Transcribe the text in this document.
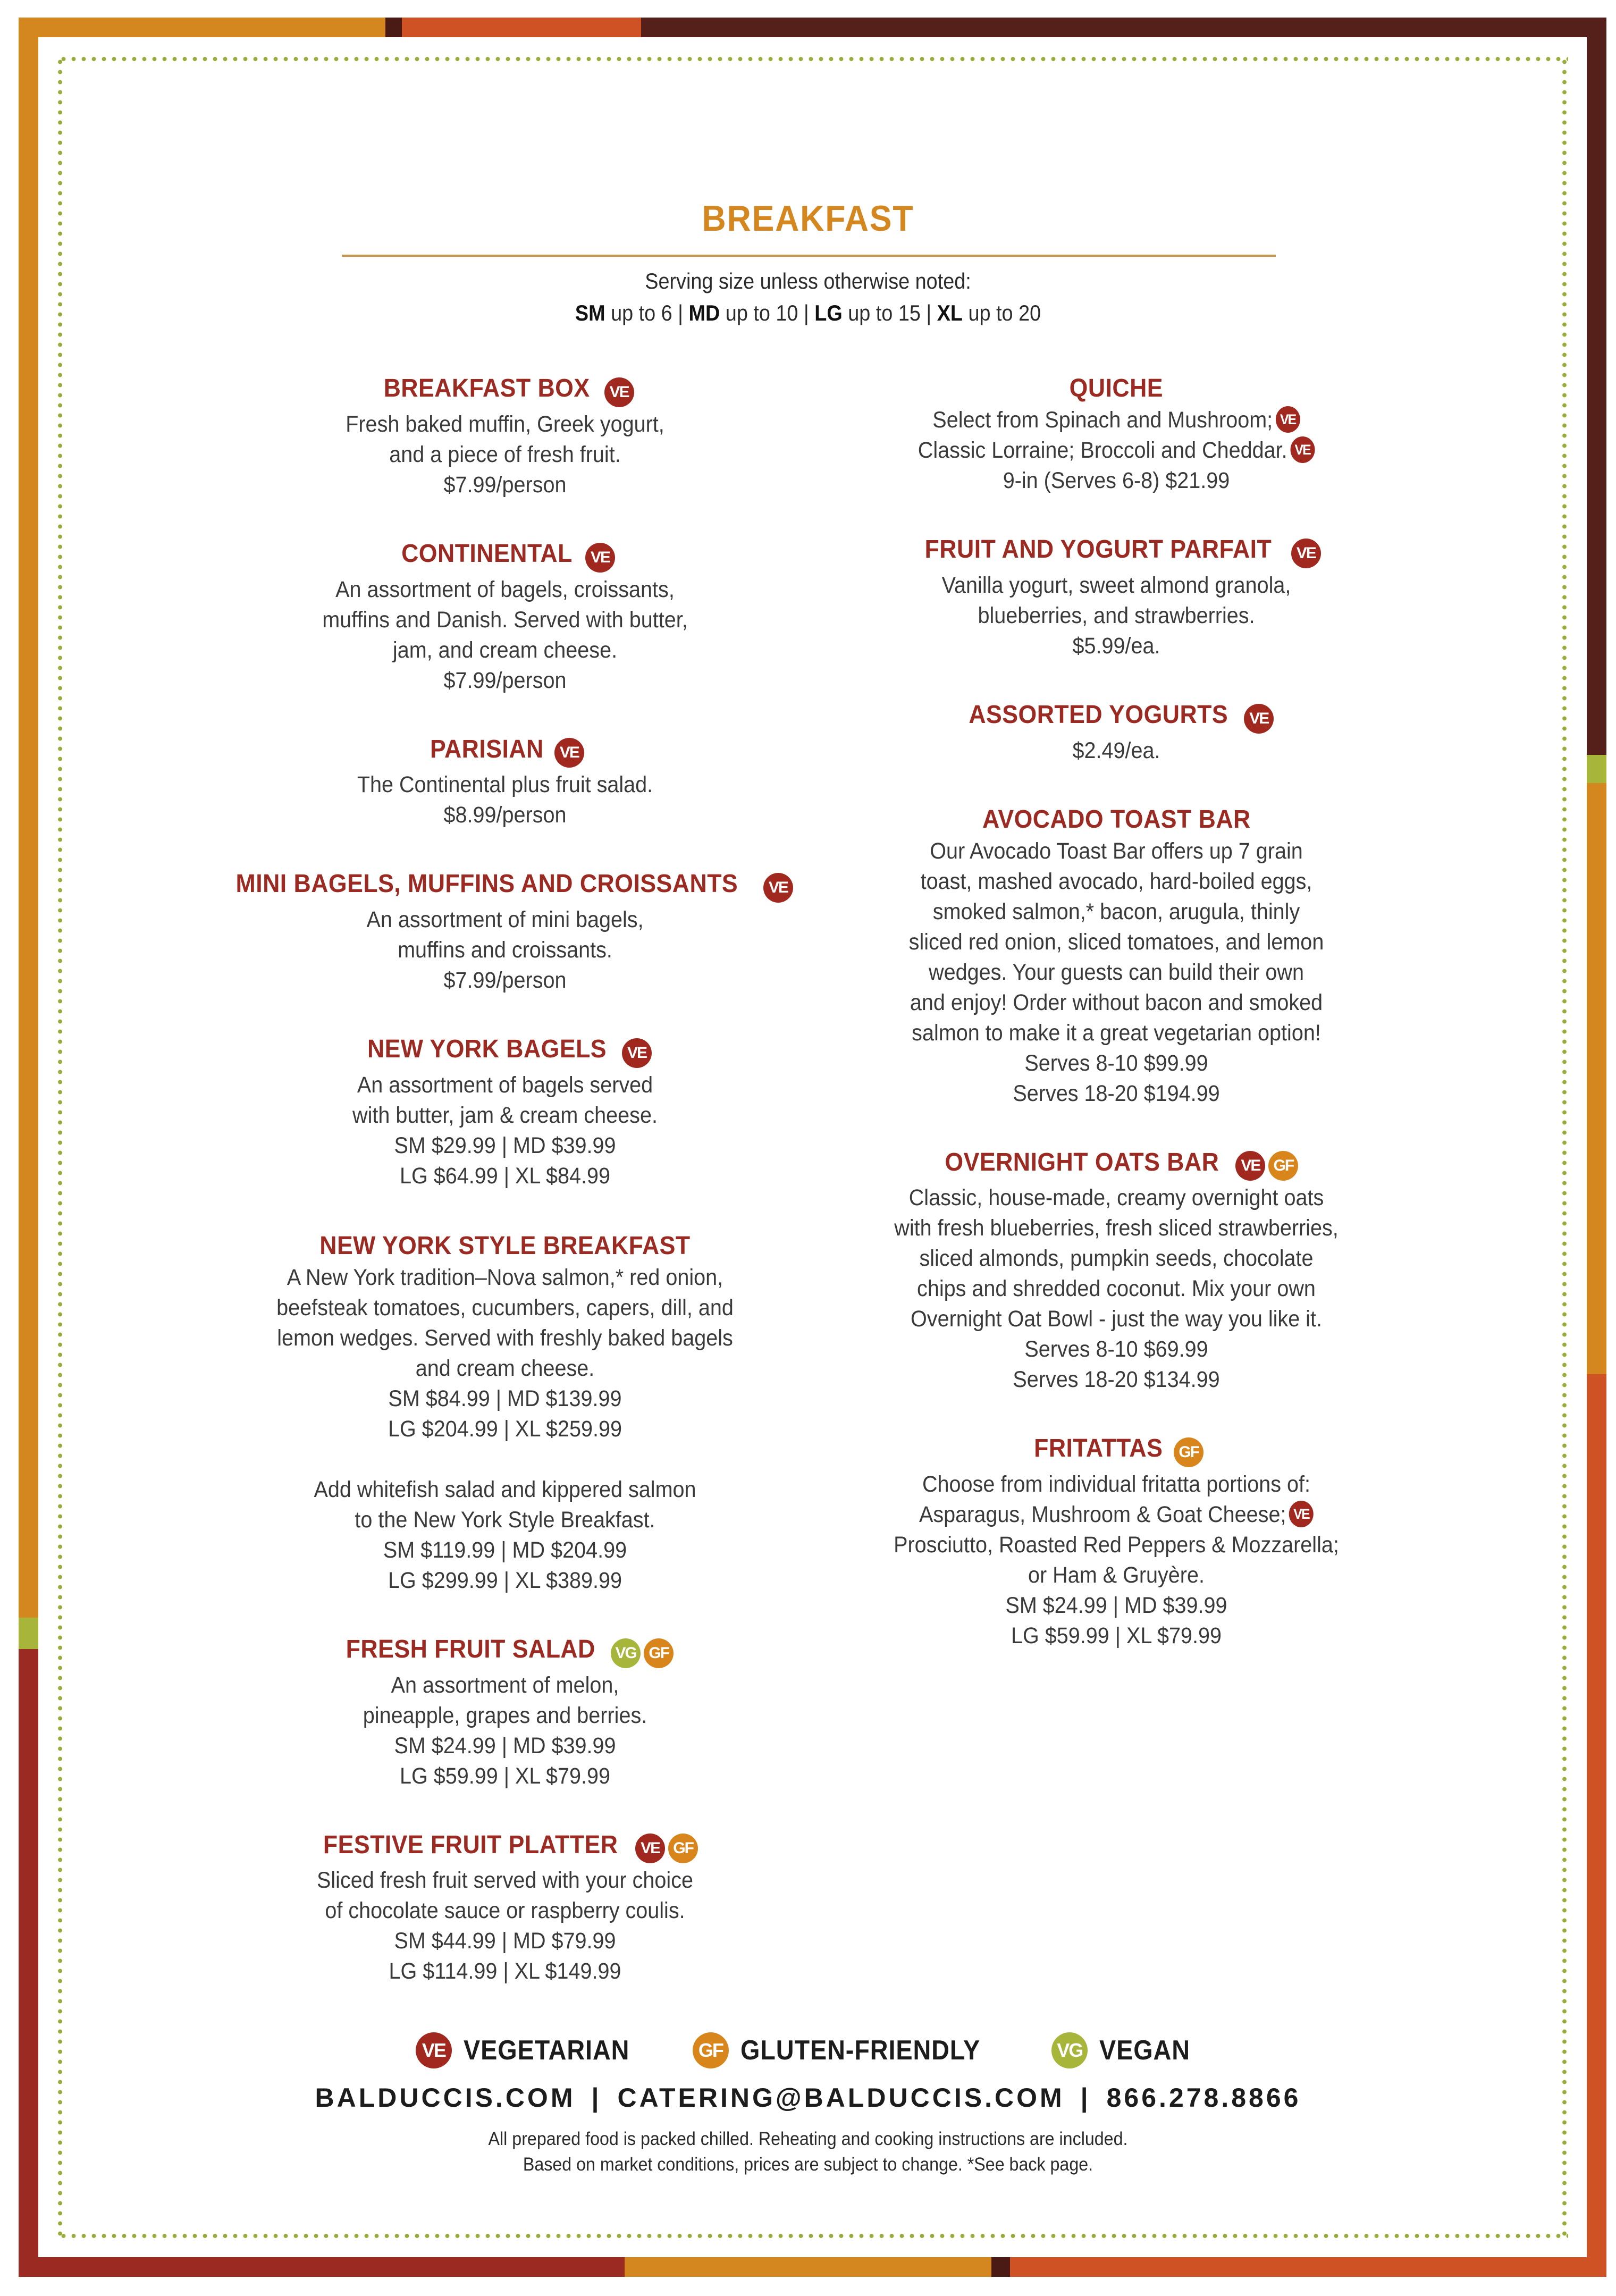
BREAKFAST
Serving size unless otherwise noted:
SM up to 6 | MD up to 10 | LG up to 15 | XL up to 20
BREAKFAST BOX VE
Fresh baked muffin, Greek yogurt,
and a piece of fresh fruit.
$7.99/person
CONTINENTAL VE
An assortment of bagels, croissants,
muffins and Danish. Served with butter,
jam, and cream cheese.
$7.99/person
PARISIAN VE
The Continental plus fruit salad.
$8.99/person
MINI BAGELS, MUFFINS AND CROISSANTS VE
An assortment of mini bagels,
muffins and croissants.
$7.99/person
NEW YORK BAGELS VE
An assortment of bagels served
with butter, jam & cream cheese.
SM $29.99 | MD $39.99
LG $64.99 | XL $84.99
NEW YORK STYLE BREAKFAST
A New York tradition–Nova salmon,* red onion,
beefsteak tomatoes, cucumbers, capers, dill, and
lemon wedges. Served with freshly baked bagels
and cream cheese.
SM $84.99 | MD $139.99
LG $204.99 | XL $259.99
Add whitefish salad and kippered salmon
to the New York Style Breakfast.
SM $119.99 | MD $204.99
LG $299.99 | XL $389.99
FRESH FRUIT SALAD VG GF
An assortment of melon,
pineapple, grapes and berries.
SM $24.99 | MD $39.99
LG $59.99 | XL $79.99
FESTIVE FRUIT PLATTER VE GF
Sliced fresh fruit served with your choice
of chocolate sauce or raspberry coulis.
SM $44.99 | MD $79.99
LG $114.99 | XL $149.99
QUICHE
Select from Spinach and Mushroom; VE
Classic Lorraine; Broccoli and Cheddar. VE
9-in (Serves 6-8) $21.99
FRUIT AND YOGURT PARFAIT VE
Vanilla yogurt, sweet almond granola,
blueberries, and strawberries.
$5.99/ea.
ASSORTED YOGURTS VE
$2.49/ea.
AVOCADO TOAST BAR
Our Avocado Toast Bar offers up 7 grain
toast, mashed avocado, hard-boiled eggs,
smoked salmon,* bacon, arugula, thinly
sliced red onion, sliced tomatoes, and lemon
wedges. Your guests can build their own
and enjoy! Order without bacon and smoked
salmon to make it a great vegetarian option!
Serves 8-10 $99.99
Serves 18-20 $194.99
OVERNIGHT OATS BAR VE GF
Classic, house-made, creamy overnight oats
with fresh blueberries, fresh sliced strawberries,
sliced almonds, pumpkin seeds, chocolate
chips and shredded coconut. Mix your own
Overnight Oat Bowl - just the way you like it.
Serves 8-10 $69.99
Serves 18-20 $134.99
FRITATTAS GF
Choose from individual fritatta portions of:
Asparagus, Mushroom & Goat Cheese; VE
Prosciutto, Roasted Red Peppers & Mozzarella;
or Ham & Gruyère.
SM $24.99 | MD $39.99
LG $59.99 | XL $79.99
VE VEGETARIAN	GF GLUTEN-FRIENDLY	VG VEGAN
BALDUCCIS.COM | CATERING@BALDUCCIS.COM | 866.278.8866
All prepared food is packed chilled. Reheating and cooking instructions are included.
Based on market conditions, prices are subject to change. *See back page.
